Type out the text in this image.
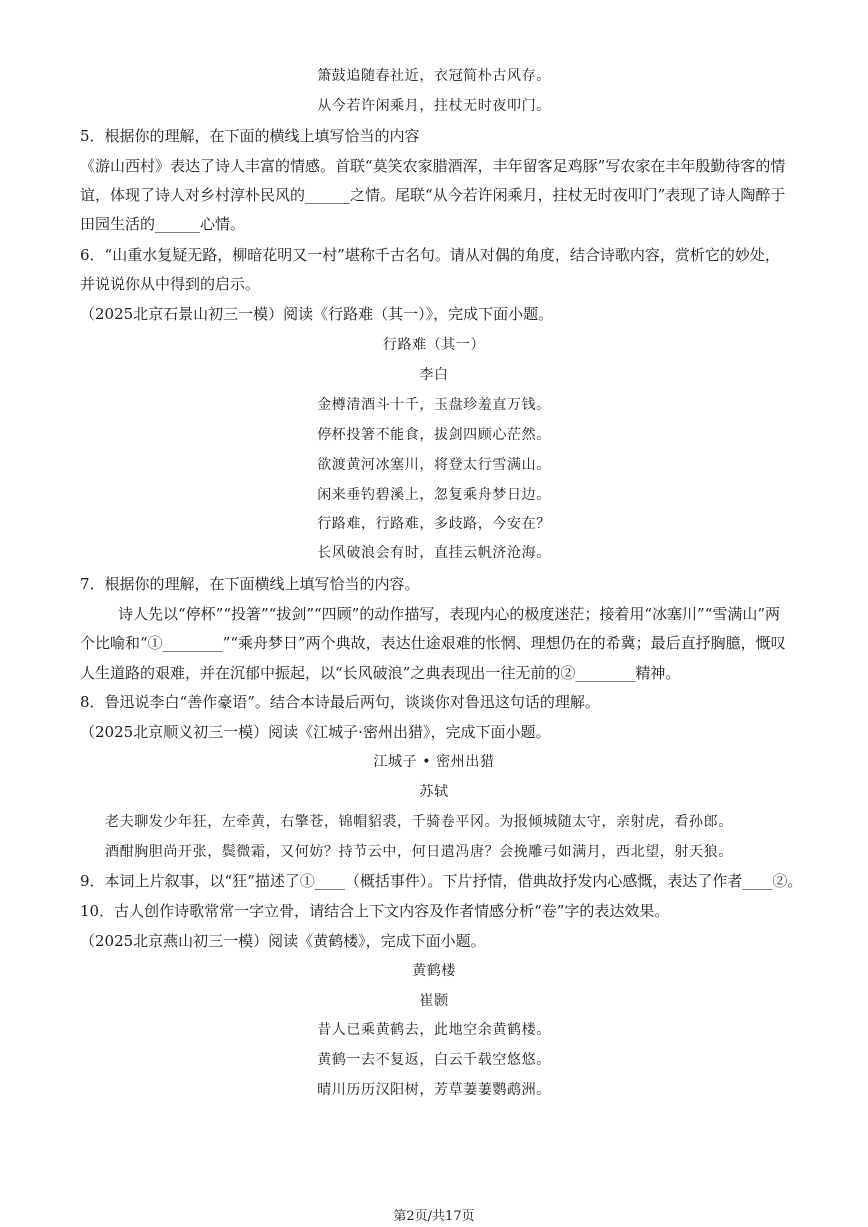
箫鼓追随春社近，衣冠简朴古风存。
从今若许闲乘月，拄杖无时夜叩门。
5．根据你的理解，在下面的横线上填写恰当的内容
《游山西村》表达了诗人丰富的情感。首联“莫笑农家腊酒浑，丰年留客足鸡豚”写农家在丰年殷勤待客的情
谊，体现了诗人对乡村淳朴民风的______之情。尾联“从今若许闲乘月，拄杖无时夜叩门”表现了诗人陶醉于
田园生活的______心情。
6．“山重水复疑无路，柳暗花明又一村”堪称千古名句。请从对偶的角度，结合诗歌内容，赏析它的妙处，
并说说你从中得到的启示。
（2025北京石景山初三一模）阅读《行路难（其一）》，完成下面小题。
行路难（其一）
李白
金樽清酒斗十千，玉盘珍羞直万钱。
停杯投箸不能食，拔剑四顾心茫然。
欲渡黄河冰塞川，将登太行雪满山。
闲来垂钓碧溪上，忽复乘舟梦日边。
行路难，行路难，多歧路，今安在？
长风破浪会有时，直挂云帆济沧海。
7．根据你的理解，在下面横线上填写恰当的内容。
诗人先以“停杯”“投箸”“拔剑”“四顾”的动作描写，表现内心的极度迷茫；接着用“冰塞川”“雪满山”两
个比喻和“①________”“乘舟梦日”两个典故，表达仕途艰难的怅惘、理想仍在的希冀；最后直抒胸臆，慨叹
人生道路的艰难，并在沉郁中振起，以“长风破浪”之典表现出一往无前的②________精神。
8．鲁迅说李白“善作豪语”。结合本诗最后两句，谈谈你对鲁迅这句话的理解。
（2025北京顺义初三一模）阅读《江城子·密州出猎》，完成下面小题。
江城子 • 密州出猎
苏轼
老夫聊发少年狂，左牵黄，右擎苍，锦帽貂裘，千骑卷平冈。为报倾城随太守，亲射虎，看孙郎。
酒酣胸胆尚开张，鬓微霜，又何妨？持节云中，何日遣冯唐？会挽雕弓如满月，西北望，射天狼。
9．本词上片叙事，以“狂”描述了①____（概括事件）。下片抒情，借典故抒发内心感慨，表达了作者____②。
10．古人创作诗歌常常一字立骨，请结合上下文内容及作者情感分析“卷”字的表达效果。
（2025北京燕山初三一模）阅读《黄鹤楼》，完成下面小题。
黄鹤楼
崔颢
昔人已乘黄鹤去，此地空余黄鹤楼。
黄鹤一去不复返，白云千载空悠悠。
晴川历历汉阳树，芳草萋萋鹦鹉洲。
第2页/共17页
